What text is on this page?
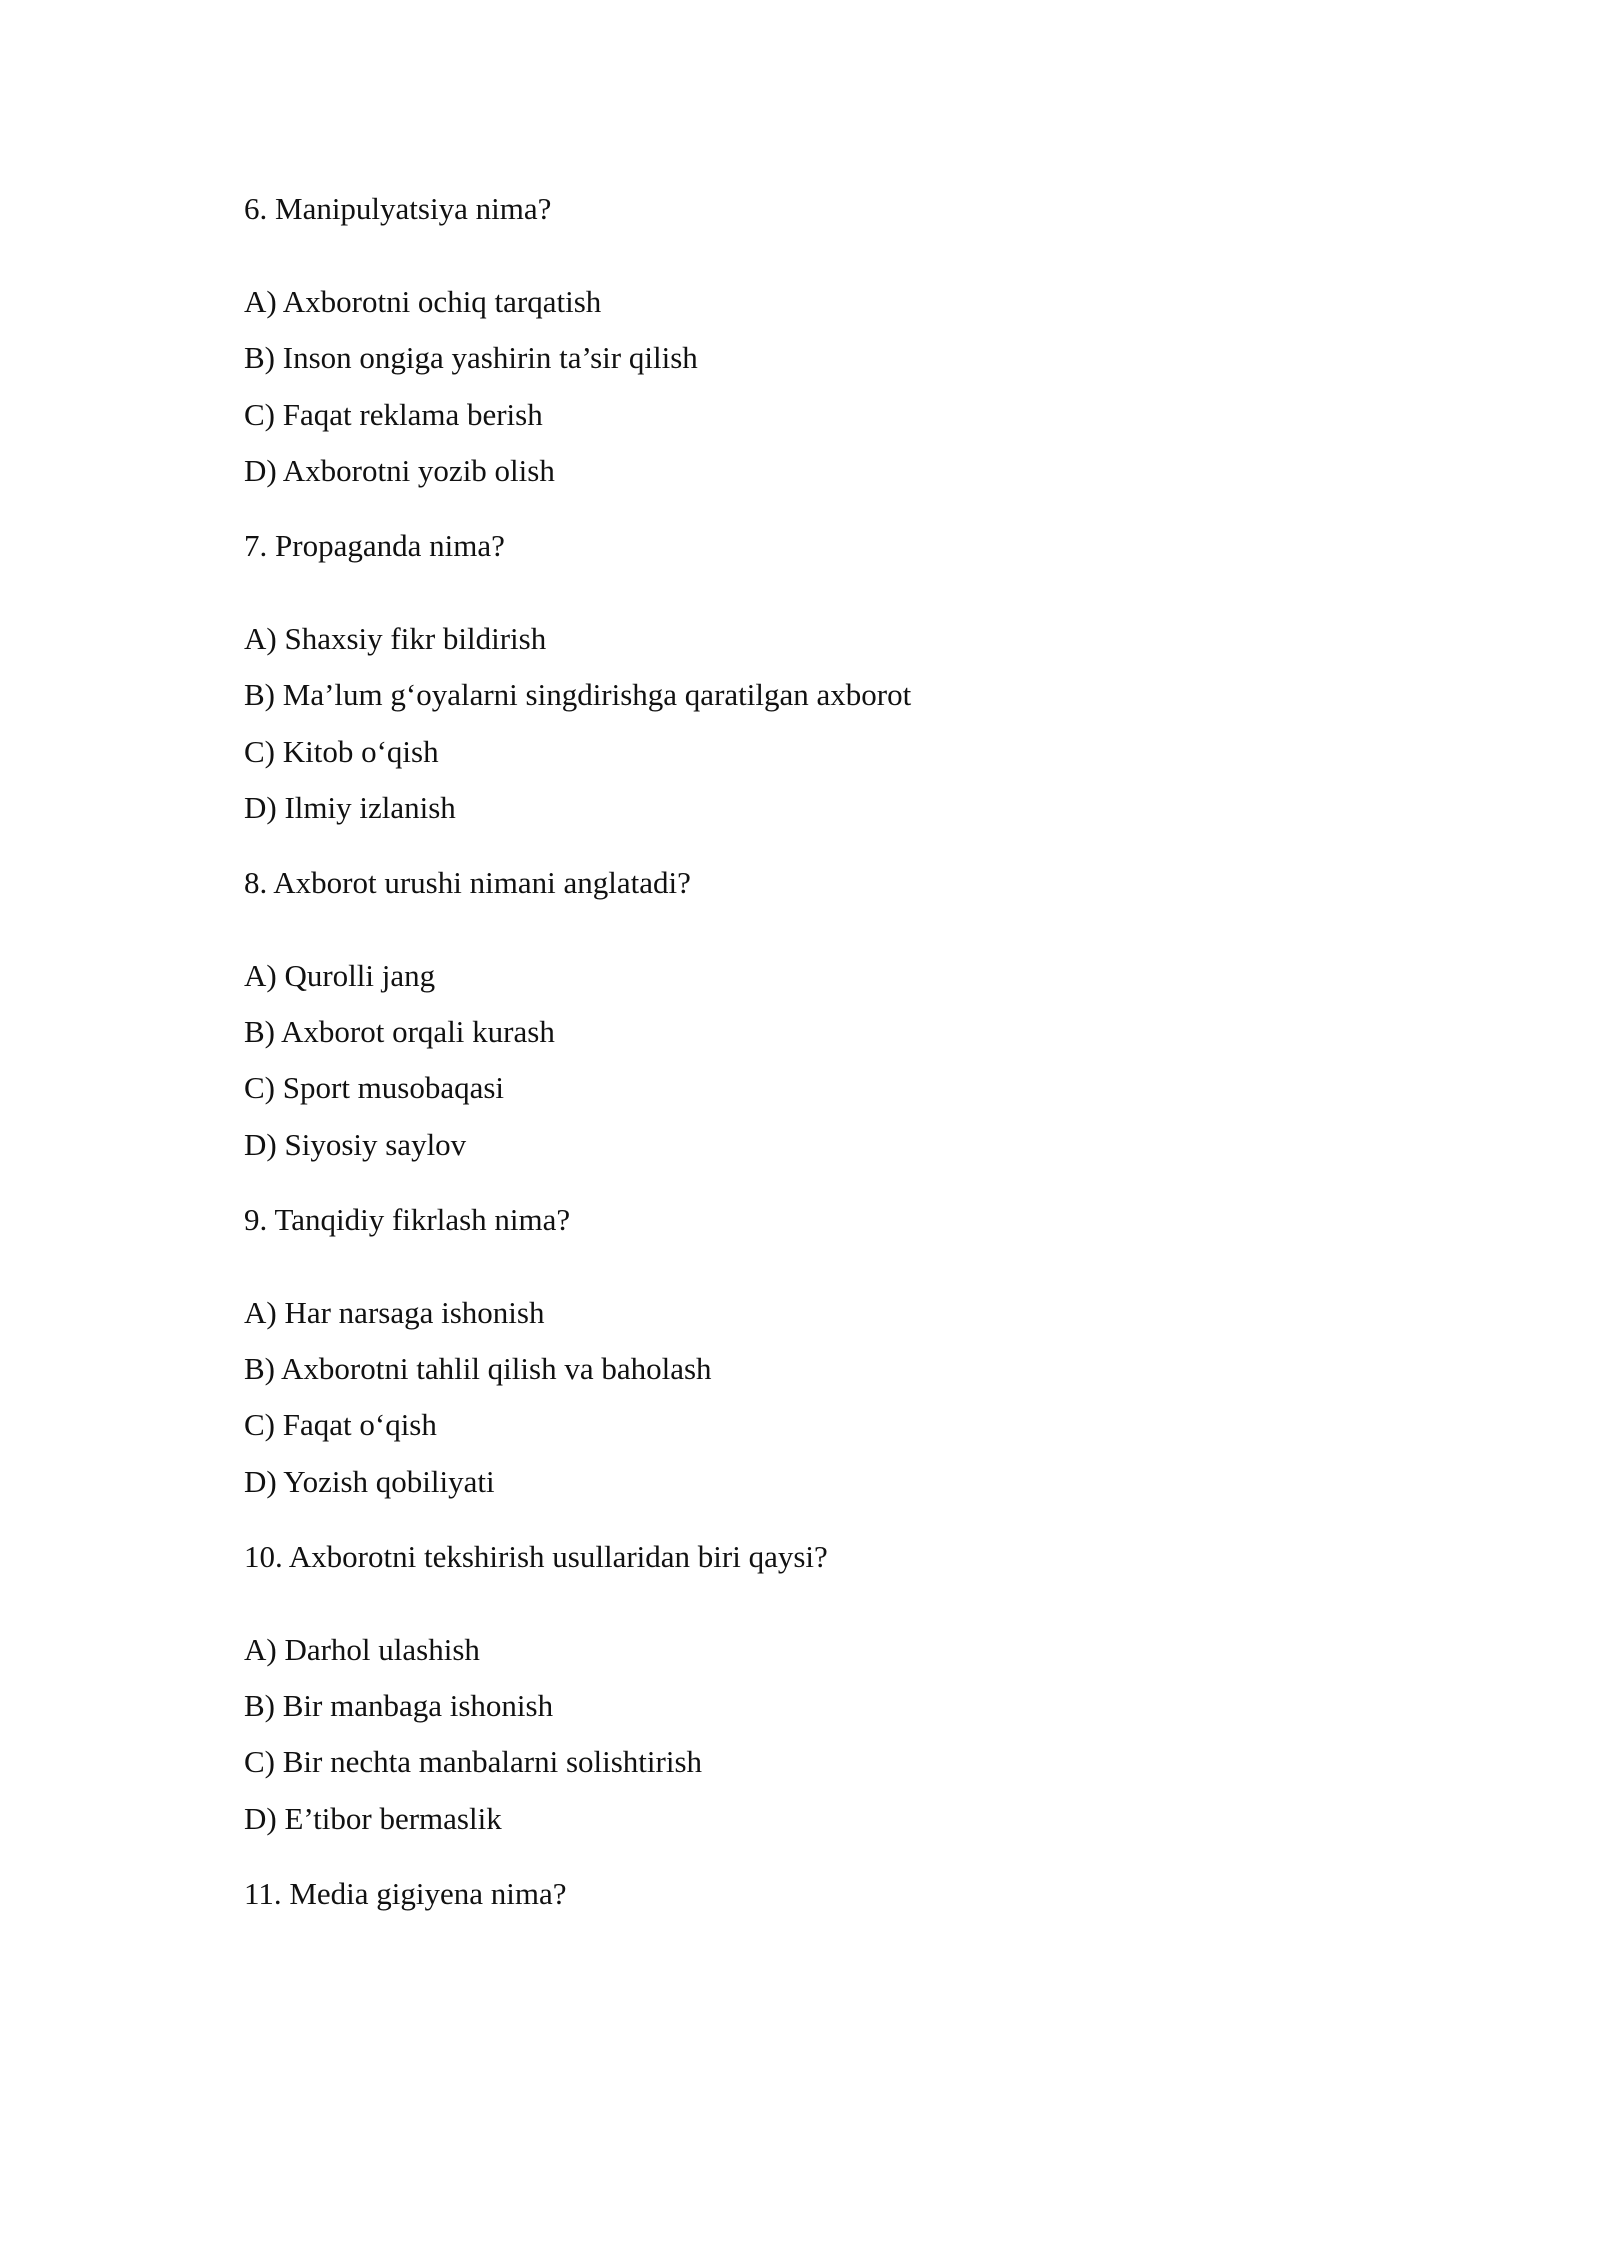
6. Manipulyatsiya nima?
A) Axborotni ochiq tarqatish
B) Inson ongiga yashirin ta’sir qilish
C) Faqat reklama berish
D) Axborotni yozib olish
7. Propaganda nima?
A) Shaxsiy fikr bildirish
B) Ma’lum g‘oyalarni singdirishga qaratilgan axborot
C) Kitob o‘qish
D) Ilmiy izlanish
8. Axborot urushi nimani anglatadi?
A) Qurolli jang
B) Axborot orqali kurash
C) Sport musobaqasi
D) Siyosiy saylov
9. Tanqidiy fikrlash nima?
A) Har narsaga ishonish
B) Axborotni tahlil qilish va baholash
C) Faqat o‘qish
D) Yozish qobiliyati
10. Axborotni tekshirish usullaridan biri qaysi?
A) Darhol ulashish
B) Bir manbaga ishonish
C) Bir nechta manbalarni solishtirish
D) E’tibor bermaslik
11. Media gigiyena nima?
